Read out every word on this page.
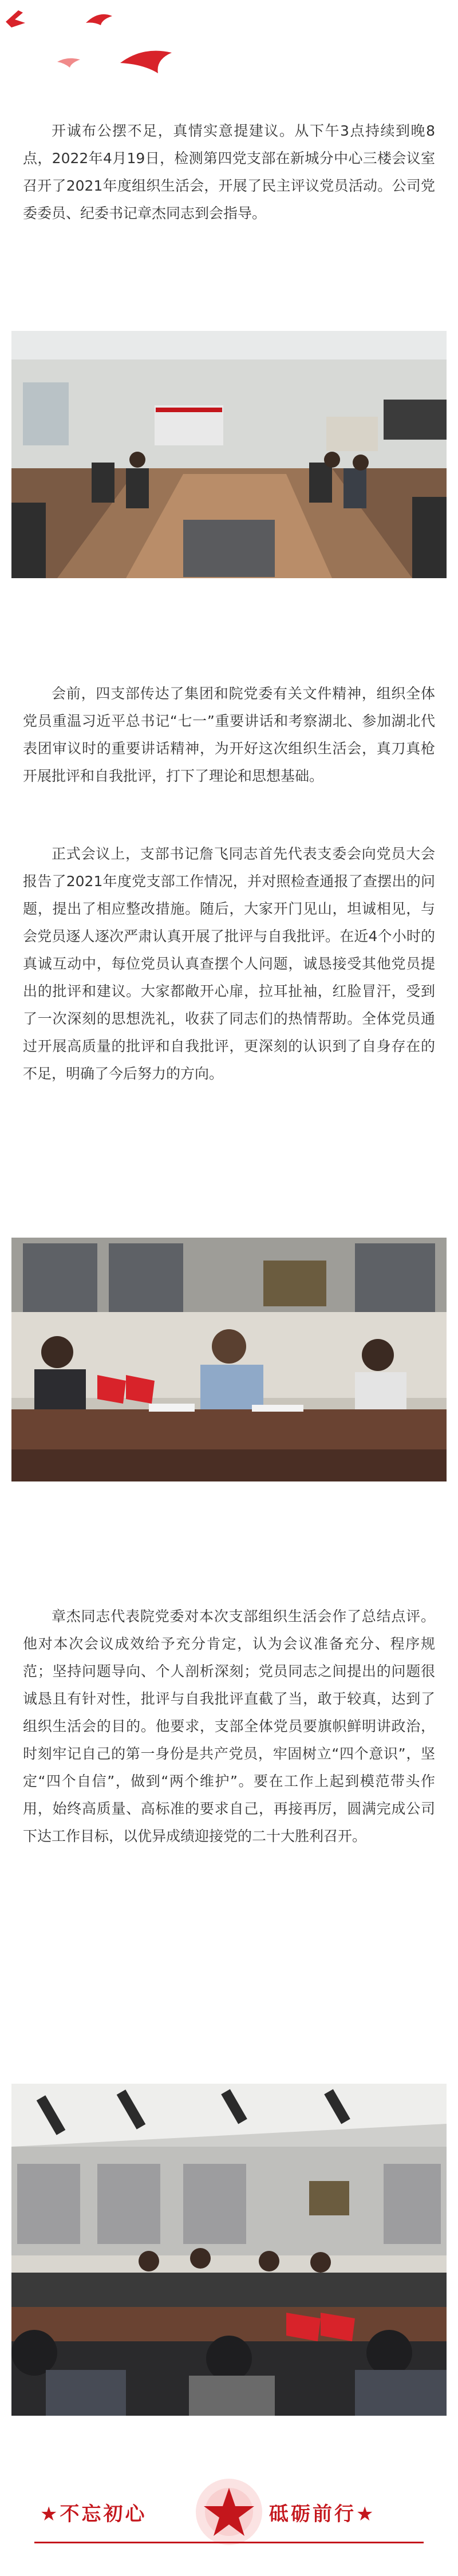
开诚布公摆不足，真情实意提建议。从下午3点持续到晚8点，2022年4月19日，检测第四党支部在新城分中心三楼会议室召开了2021年度组织生活会，开展了民主评议党员活动。公司党委委员、纪委书记章杰同志到会指导。

会前，四支部传达了集团和院党委有关文件精神，组织全体党员重温习近平总书记“七一”重要讲话和考察湖北、参加湖北代表团审议时的重要讲话精神，为开好这次组织生活会，真刀真枪开展批评和自我批评，打下了理论和思想基础。

正式会议上，支部书记詹飞同志首先代表支委会向党员大会报告了2021年度党支部工作情况，并对照检查通报了查摆出的问题，提出了相应整改措施。随后，大家开门见山，坦诚相见，与会党员逐人逐次严肃认真开展了批评与自我批评。在近4个小时的真诚互动中，每位党员认真查摆个人问题，诚恳接受其他党员提出的批评和建议。大家都敞开心扉，拉耳扯袖，红脸冒汗，受到了一次深刻的思想洗礼，收获了同志们的热情帮助。全体党员通过开展高质量的批评和自我批评，更深刻的认识到了自身存在的不足，明确了今后努力的方向。

章杰同志代表院党委对本次支部组织生活会作了总结点评。他对本次会议成效给予充分肯定，认为会议准备充分、程序规范；坚持问题导向、个人剖析深刻；党员同志之间提出的问题很诚恳且有针对性，批评与自我批评直截了当，敢于较真，达到了组织生活会的目的。他要求，支部全体党员要旗帜鲜明讲政治，时刻牢记自己的第一身份是共产党员，牢固树立“四个意识”，坚定“四个自信”，做到“两个维护”。要在工作上起到模范带头作用，始终高质量、高标准的要求自己，再接再厉，圆满完成公司下达工作目标，以优异成绩迎接党的二十大胜利召开。

★不忘初心	砥砺前行★
